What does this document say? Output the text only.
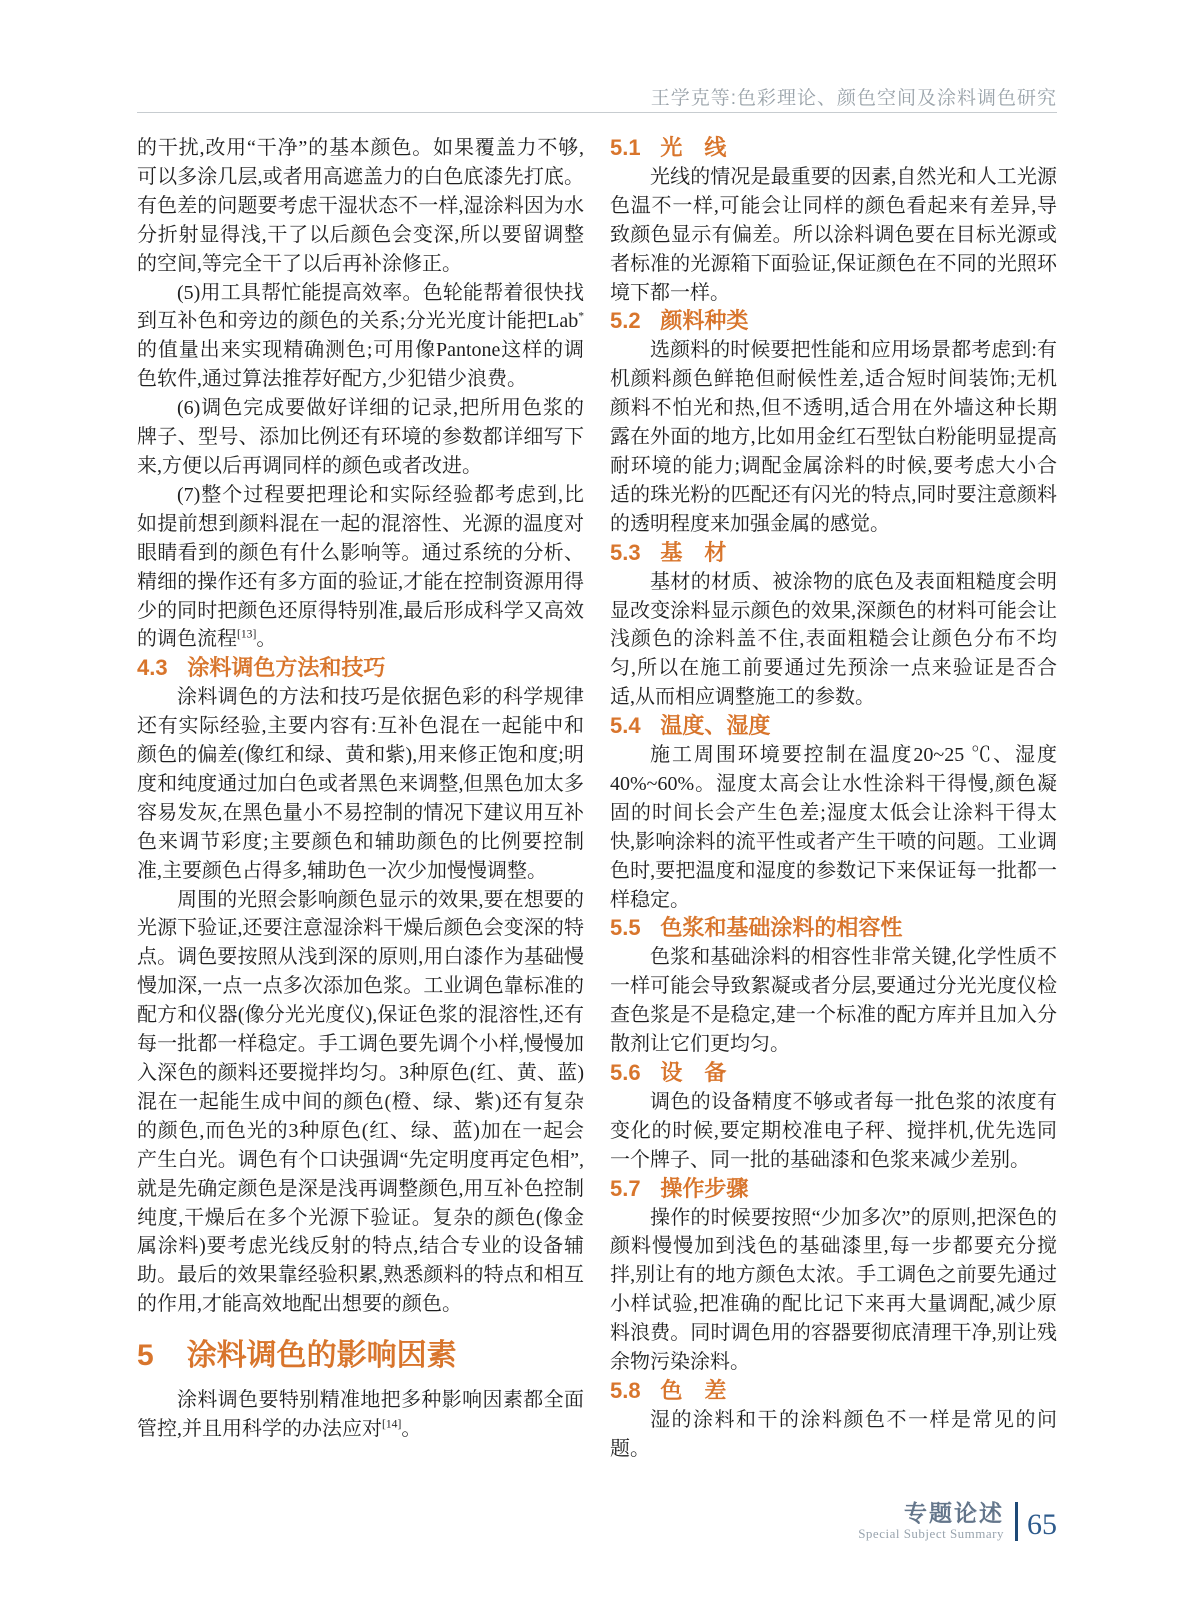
王学克等:色彩理论、颜色空间及涂料调色研究

的干扰,改用“干净”的基本颜色。如果覆盖力不够,可以多涂几层,或者用高遮盖力的白色底漆先打底。有色差的问题要考虑干湿状态不一样,湿涂料因为水分折射显得浅,干了以后颜色会变深,所以要留调整的空间,等完全干了以后再补涂修正。

(5)用工具帮忙能提高效率。色轮能帮着很快找到互补色和旁边的颜色的关系;分光光度计能把Lab*的值量出来实现精确测色;可用像Pantone这样的调色软件,通过算法推荐好配方,少犯错少浪费。

(6)调色完成要做好详细的记录,把所用色浆的牌子、型号、添加比例还有环境的参数都详细写下来,方便以后再调同样的颜色或者改进。

(7)整个过程要把理论和实际经验都考虑到,比如提前想到颜料混在一起的混溶性、光源的温度对眼睛看到的颜色有什么影响等。通过系统的分析、精细的操作还有多方面的验证,才能在控制资源用得少的同时把颜色还原得特别准,最后形成科学又高效的调色流程[13]。

4.3 涂料调色方法和技巧

涂料调色的方法和技巧是依据色彩的科学规律还有实际经验,主要内容有:互补色混在一起能中和颜色的偏差(像红和绿、黄和紫),用来修正饱和度;明度和纯度通过加白色或者黑色来调整,但黑色加太多容易发灰,在黑色量小不易控制的情况下建议用互补色来调节彩度;主要颜色和辅助颜色的比例要控制准,主要颜色占得多,辅助色一次少加慢慢调整。

周围的光照会影响颜色显示的效果,要在想要的光源下验证,还要注意湿涂料干燥后颜色会变深的特点。调色要按照从浅到深的原则,用白漆作为基础慢慢加深,一点一点多次添加色浆。工业调色靠标准的配方和仪器(像分光光度仪),保证色浆的混溶性,还有每一批都一样稳定。手工调色要先调个小样,慢慢加入深色的颜料还要搅拌均匀。3种原色(红、黄、蓝)混在一起能生成中间的颜色(橙、绿、紫)还有复杂的颜色,而色光的3种原色(红、绿、蓝)加在一起会产生白光。调色有个口诀强调“先定明度再定色相”,就是先确定颜色是深是浅再调整颜色,用互补色控制纯度,干燥后在多个光源下验证。复杂的颜色(像金属涂料)要考虑光线反射的特点,结合专业的设备辅助。最后的效果靠经验积累,熟悉颜料的特点和相互的作用,才能高效地配出想要的颜色。

5 涂料调色的影响因素

涂料调色要特别精准地把多种影响因素都全面管控,并且用科学的办法应对[14]。

5.1 光　线

光线的情况是最重要的因素,自然光和人工光源色温不一样,可能会让同样的颜色看起来有差异,导致颜色显示有偏差。所以涂料调色要在目标光源或者标准的光源箱下面验证,保证颜色在不同的光照环境下都一样。

5.2 颜料种类

选颜料的时候要把性能和应用场景都考虑到:有机颜料颜色鲜艳但耐候性差,适合短时间装饰;无机颜料不怕光和热,但不透明,适合用在外墙这种长期露在外面的地方,比如用金红石型钛白粉能明显提高耐环境的能力;调配金属涂料的时候,要考虑大小合适的珠光粉的匹配还有闪光的特点,同时要注意颜料的透明程度来加强金属的感觉。

5.3 基　材

基材的材质、被涂物的底色及表面粗糙度会明显改变涂料显示颜色的效果,深颜色的材料可能会让浅颜色的涂料盖不住,表面粗糙会让颜色分布不均匀,所以在施工前要通过先预涂一点来验证是否合适,从而相应调整施工的参数。

5.4 温度、湿度

施工周围环境要控制在温度20~25 ℃、湿度40%~60%。湿度太高会让水性涂料干得慢,颜色凝固的时间长会产生色差;湿度太低会让涂料干得太快,影响涂料的流平性或者产生干喷的问题。工业调色时,要把温度和湿度的参数记下来保证每一批都一样稳定。

5.5 色浆和基础涂料的相容性

色浆和基础涂料的相容性非常关键,化学性质不一样可能会导致絮凝或者分层,要通过分光光度仪检查色浆是不是稳定,建一个标准的配方库并且加入分散剂让它们更均匀。

5.6 设　备

调色的设备精度不够或者每一批色浆的浓度有变化的时候,要定期校准电子秤、搅拌机,优先选同一个牌子、同一批的基础漆和色浆来减少差别。

5.7 操作步骤

操作的时候要按照“少加多次”的原则,把深色的颜料慢慢加到浅色的基础漆里,每一步都要充分搅拌,别让有的地方颜色太浓。手工调色之前要先通过小样试验,把准确的配比记下来再大量调配,减少原料浪费。同时调色用的容器要彻底清理干净,别让残余物污染涂料。

5.8 色　差

湿的涂料和干的涂料颜色不一样是常见的问题。

专题论述
Special Subject Summary 65
